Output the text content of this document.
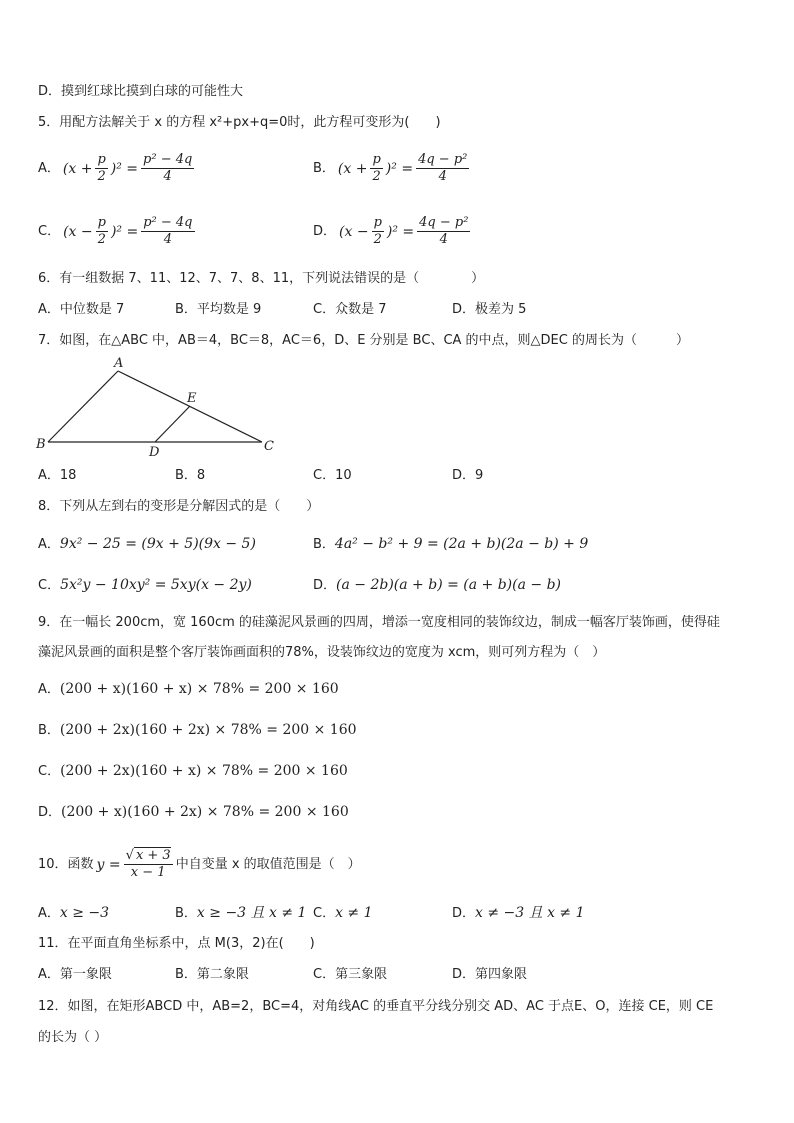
D．摸到红球比摸到白球的可能性大
5．用配方法解关于 x 的方程 x²+px+q=0时，此方程可变形为(　　)
A． $(x + \frac{p}{2} )^2 = \frac{\text{p² − 4q}}{4}$	B． $(x + \frac{p}{2} )^2 = \frac{\text{4q − p²}}{4}$
C． $(x - \frac{p}{2} )^2 = \frac{\text{p² − 4q}}{4}$	D． $(x - \frac{p}{2} )^2 = \frac{\text{4q − p²}}{4}$
6．有一组数据 7、11、12、7、7、8、11，下列说法错误的是（　　　　）
A．中位数是 7	B．平均数是 9	C．众数是 7	D．极差为 5
7．如图，在△ABC 中，AB＝4，BC＝8，AC＝6，D、E 分别是 BC、CA 的中点，则△DEC 的周长为（　　　）
A
B	C
D
E
A．18	B．8	C．10	D．9
8．下列从左到右的变形是分解因式的是（　　）
A．9x² − 25 = (9x + 5)(9x − 5)	B．4a² − b² + 9 = (2a + b)(2a − b) + 9
C．5x²y − 10xy² = 5xy(x − 2y)	D．(a − 2b)(a + b) = (a + b)(a − b)
9．在一幅长 200cm，宽 160cm 的硅藻泥风景画的四周，增添一宽度相同的装饰纹边，制成一幅客厅装饰画，使得硅
藻泥风景画的面积是整个客厅装饰画面积的78%，设装饰纹边的宽度为 xcm，则可列方程为（　）
A．(200 + x)(160 + x) × 78% = 200 × 160
B．(200 + 2x)(160 + 2x) × 78% = 200 × 160
C．(200 + 2x)(160 + x) × 78% = 200 × 160
D．(200 + x)(160 + 2x) × 78% = 200 × 160
10．函数 $y = \frac{√ x + 3}{x - 1}$ 中自变量 x 的取值范围是（　）
A．x ≥ −3	B．x ≥ −3 且 x ≠ 1 C．x ≠ 1	D．x ≠ −3 且 x ≠ 1
11．在平面直角坐标系中，点 M(3，2)在(　　)
A．第一象限	B．第二象限	C．第三象限	D．第四象限
12．如图，在矩形ABCD 中，AB=2，BC=4，对角线AC 的垂直平分线分别交 AD、AC 于点E、O，连接 CE，则 CE
的长为（ ）
